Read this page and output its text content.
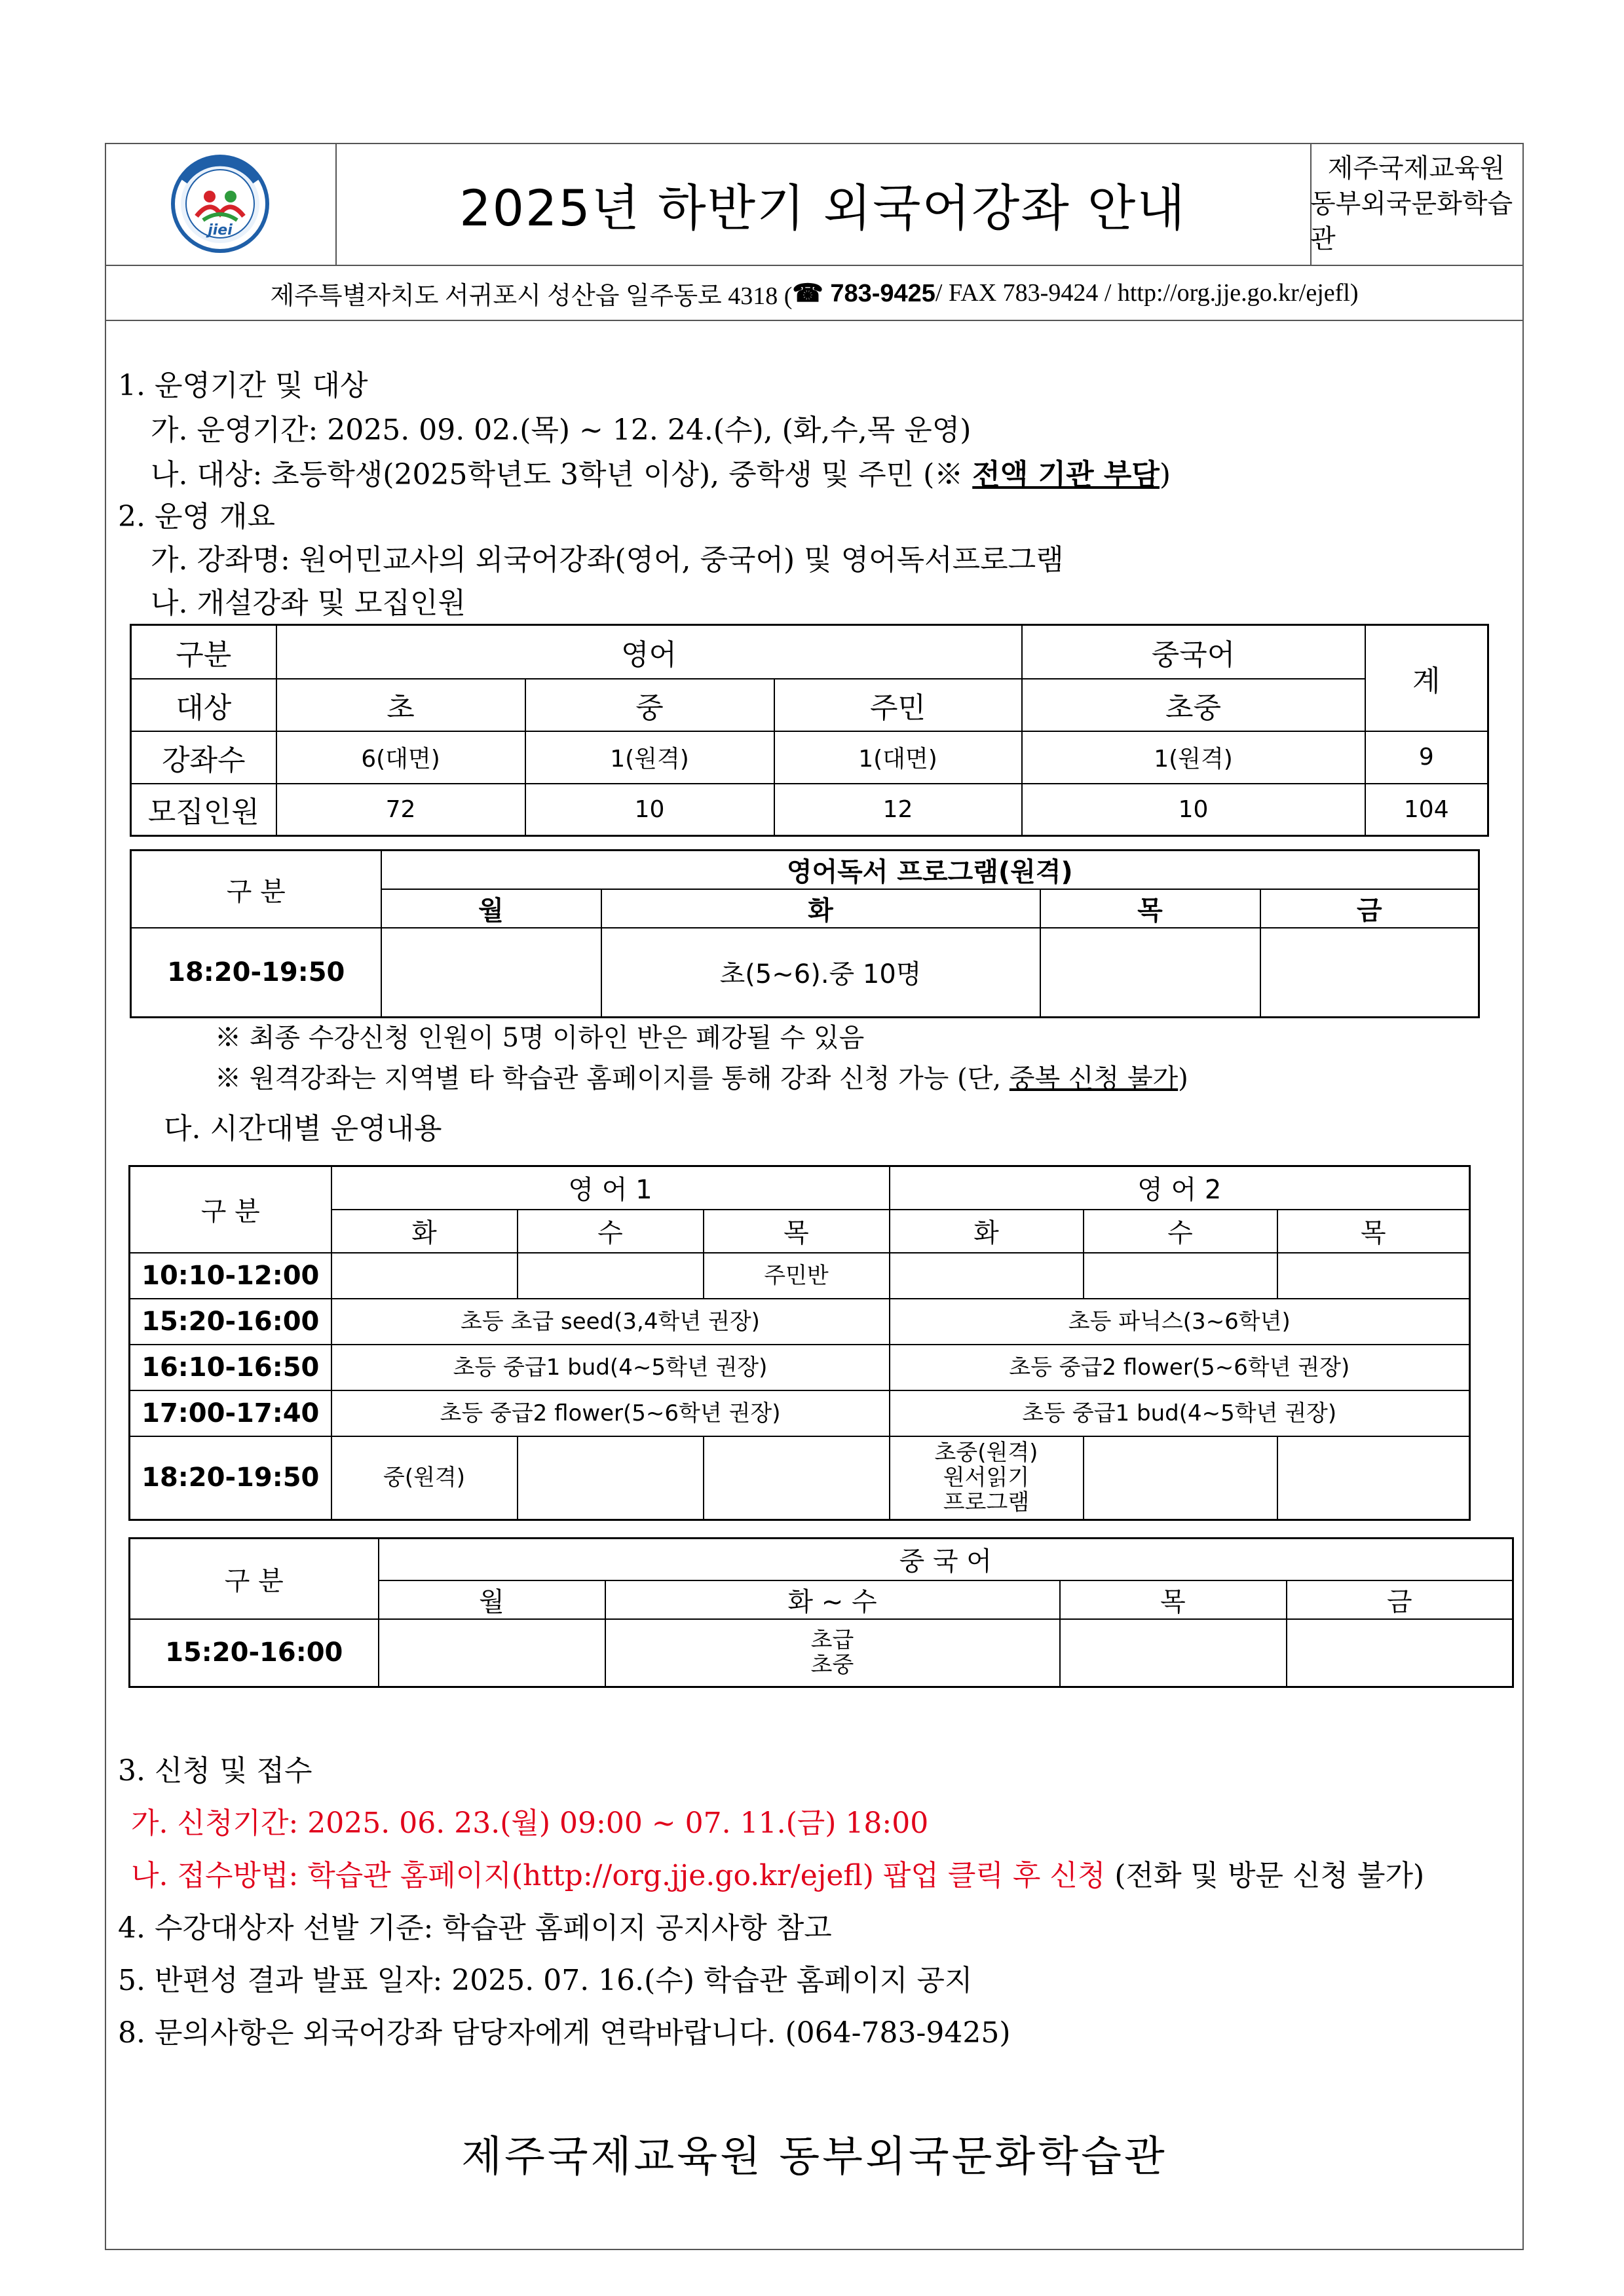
jiei	2025년 하반기 외국어강좌 안내
제주국제교육원
동부외국문화학습관
제주특별자치도 서귀포시 성산읍 일주동로 4318 ( ☎ 783-9425 / FAX 783-9424 / http://org.jje.go.kr/ejefl)
1. 운영기간 및 대상
가. 운영기간: 2025. 09. 02.(목) ~ 12. 24.(수), (화,수,목 운영)
나. 대상: 초등학생(2025학년도 3학년 이상), 중학생 및 주민 (※ 전액 기관 부담)
2. 운영 개요
가. 강좌명: 원어민교사의 외국어강좌(영어, 중국어) 및 영어독서프로그램
나. 개설강좌 및 모집인원
구분	영어			중국어	계
대상	초	중	주민	초중	
강좌수	6(대면)	1(원격)	1(대면)	1(원격)	9
모집인원	72	10	12	10	104
구 분	영어독서 프로그램(원격)			
	월	화	목	금
18:20-19:50		초(5~6).중 10명		
※ 최종 수강신청 인원이 5명 이하인 반은 폐강될 수 있음
※ 원격강좌는 지역별 타 학습관 홈페이지를 통해 강좌 신청 가능 (단, 중복 신청 불가)
다. 시간대별 운영내용
구 분	영 어 1			영 어 2		
	화	수	목	화	수	목
10:10-12:00			주민반			
15:20-16:00	초등 초급 seed(3,4학년 권장)			초등 파닉스(3~6학년)		
16:10-16:50	초등 중급1 bud(4~5학년 권장)			초등 중급2 flower(5~6학년 권장)		
17:00-17:40	초등 중급2 flower(5~6학년 권장)			초등 중급1 bud(4~5학년 권장)		
18:20-19:50	중(원격)			초중(원격)
원서읽기
프로그램		

구 분	중 국 어			
	월	화 ~ 수	목	금
15:20-16:00		초급
초중		

3. 신청 및 접수
가. 신청기간: 2025. 06. 23.(월) 09:00 ~ 07. 11.(금) 18:00
나. 접수방법: 학습관 홈페이지(http://org.jje.go.kr/ejefl) 팝업 클릭 후 신청 (전화 및 방문 신청 불가)
4. 수강대상자 선발 기준: 학습관 홈페이지 공지사항 참고
5. 반편성 결과 발표 일자: 2025. 07. 16.(수) 학습관 홈페이지 공지
8. 문의사항은 외국어강좌 담당자에게 연락바랍니다. (064-783-9425)
제주국제교육원 동부외국문화학습관
